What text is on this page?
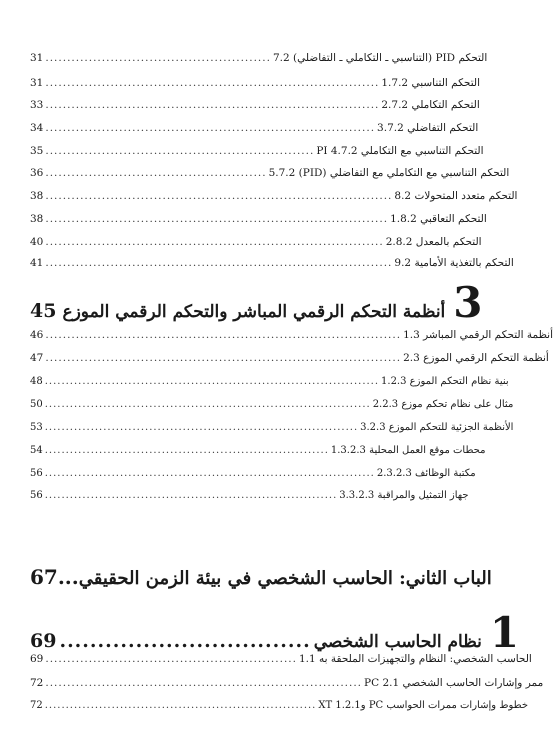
31 ....................................................	التحكم PID (التناسبي ـ التكاملي ـ التفاضلي) 7.2
31 .............................................................................	التحكم التناسبي 1.7.2
33 .............................................................................	التحكم التكاملي 2.7.2
34 ............................................................................	التحكم التفاضلي 3.7.2
35 .............................................................. التحكم التناسبي مع التكاملي PI 4.7.2
36 ...................................................	التحكم التناسبي مع التكاملي مع التفاضلي (PID) 5.7.2
38 ................................................................................	التحكم متعدد المتحولات 8.2
38 ...............................................................................	التحكم التعاقبي 1.8.2
40 ..............................................................................	التحكم بالمعدل 2.8.2
41 ................................................................................	التحكم بالتغذية الأمامية 9.2
45 أنظمة التحكم الرقمي المباشر والتحكم الرقمي الموزع 3
46 ..................................................................................	أنظمة التحكم الرقمي المباشر 1.3
47 ..................................................................................	أنظمة التحكم الرقمي الموزع 2.3
48 ................................................................................	بنية نظام التحكم الموزع 1.2.3
50 ..............................................................................	مثال على نظام تحكم موزع 2.2.3
53 ...........................................................................	الأنظمة الجزئية للتحكم الموزع 3.2.3
54 ....................................................................	محطات موقع العمل المحلية 1.3.2.3
56 ...............................................................................	مكتبة الوظائف 2.3.2.3
56 ......................................................................	جهاز التمثيل والمراقبة 3.3.2.3
67... الباب الثاني: الحاسب الشخصي في بيئة الزمن الحقيقي
69 ................................. نظام الحاسب الشخصي 1
69 ..........................................................	الحاسب الشخصي: النظام والتجهيزات الملحقة به 1.1
72 ......................................................................... ممر وإشارات الحاسب الشخصي PC 2.1
72 ................................................................. خطوط وإشارات ممرات الحواسب PC وXT 1.2.1
